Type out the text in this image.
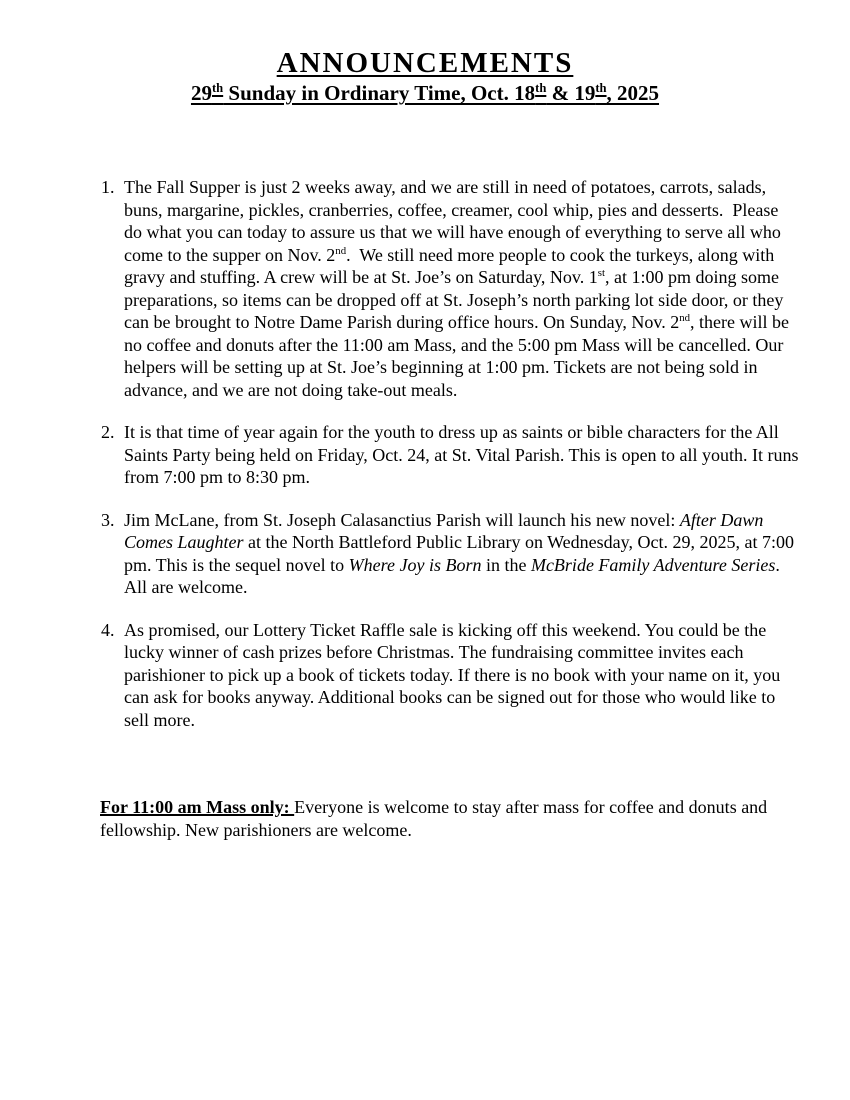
ANNOUNCEMENTS
29th Sunday in Ordinary Time, Oct. 18th & 19th, 2025

1. The Fall Supper is just 2 weeks away, and we are still in need of potatoes, carrots, salads, buns, margarine, pickles, cranberries, coffee, creamer, cool whip, pies and desserts.  Please do what you can today to assure us that we will have enough of everything to serve all who come to the supper on Nov. 2nd.  We still need more people to cook the turkeys, along with gravy and stuffing. A crew will be at St. Joe’s on Saturday, Nov. 1st, at 1:00 pm doing some preparations, so items can be dropped off at St. Joseph’s north parking lot side door, or they can be brought to Notre Dame Parish during office hours. On Sunday, Nov. 2nd, there will be no coffee and donuts after the 11:00 am Mass, and the 5:00 pm Mass will be cancelled. Our helpers will be setting up at St. Joe’s beginning at 1:00 pm. Tickets are not being sold in advance, and we are not doing take-out meals.

2. It is that time of year again for the youth to dress up as saints or bible characters for the All Saints Party being held on Friday, Oct. 24, at St. Vital Parish. This is open to all youth. It runs from 7:00 pm to 8:30 pm.

3. Jim McLane, from St. Joseph Calasanctius Parish will launch his new novel: After Dawn Comes Laughter at the North Battleford Public Library on Wednesday, Oct. 29, 2025, at 7:00 pm. This is the sequel novel to Where Joy is Born in the McBride Family Adventure Series. All are welcome.

4. As promised, our Lottery Ticket Raffle sale is kicking off this weekend. You could be the lucky winner of cash prizes before Christmas. The fundraising committee invites each parishioner to pick up a book of tickets today. If there is no book with your name on it, you can ask for books anyway. Additional books can be signed out for those who would like to sell more.

For 11:00 am Mass only: Everyone is welcome to stay after mass for coffee and donuts and fellowship. New parishioners are welcome.
